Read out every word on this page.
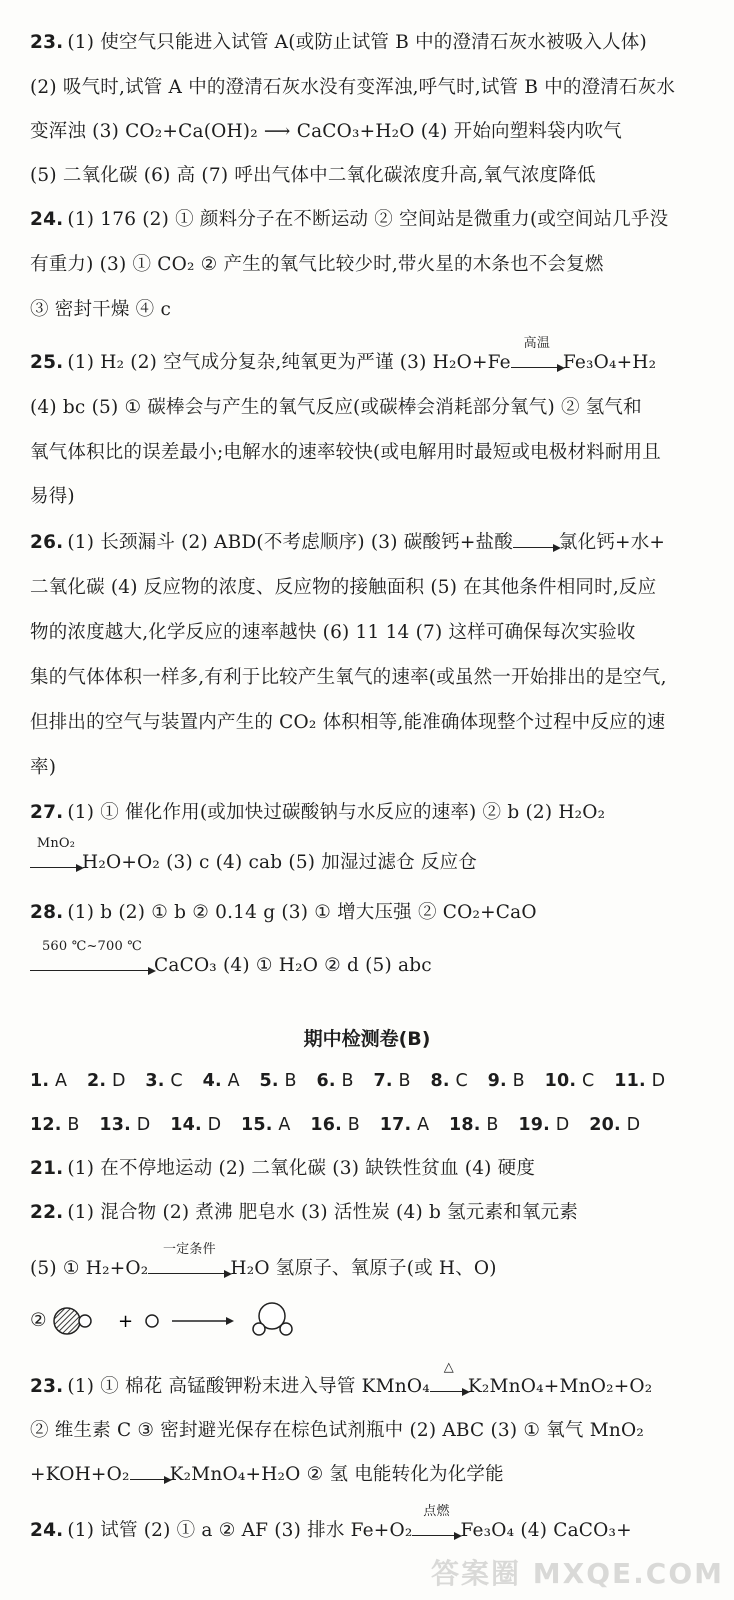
23. (1) 使空气只能进入试管 A(或防止试管 B 中的澄清石灰水被吸入人体)
(2) 吸气时,试管 A 中的澄清石灰水没有变浑浊,呼气时,试管 B 中的澄清石灰水
变浑浊 (3) CO₂+Ca(OH)₂ ⟶ CaCO₃+H₂O (4) 开始向塑料袋内吹气
(5) 二氧化碳 (6) 高 (7) 呼出气体中二氧化碳浓度升高,氧气浓度降低
24. (1) 176 (2) ① 颜料分子在不断运动 ② 空间站是微重力(或空间站几乎没
有重力) (3) ① CO₂ ② 产生的氧气比较少时,带火星的木条也不会复燃
③ 密封干燥 ④ c
25. (1) H₂ (2) 空气成分复杂,纯氧更为严谨 (3) H₂O+Fe
高温
Fe₃O₄+H₂
(4) bc (5) ① 碳棒会与产生的氧气反应(或碳棒会消耗部分氧气) ② 氢气和
氧气体积比的误差最小;电解水的速率较快(或电解用时最短或电极材料耐用且
易得)
26. (1) 长颈漏斗 (2) ABD(不考虑顺序) (3) 碳酸钙+盐酸 氯化钙+水+
二氧化碳 (4) 反应物的浓度、反应物的接触面积 (5) 在其他条件相同时,反应
物的浓度越大,化学反应的速率越快 (6) 11 14 (7) 这样可确保每次实验收
集的气体体积一样多,有利于比较产生氧气的速率(或虽然一开始排出的是空气,
但排出的空气与装置内产生的 CO₂ 体积相等,能准确体现整个过程中反应的速
率)
27. (1) ① 催化作用(或加快过碳酸钠与水反应的速率) ② b (2) H₂O₂
MnO₂
H₂O+O₂ (3) c (4) cab (5) 加湿过滤仓 反应仓
28. (1) b (2) ① b ② 0.14 g (3) ① 增大压强 ② CO₂+CaO
560 ℃~700 ℃
CaCO₃ (4) ① H₂O ② d (5) abc
期中检测卷(B)
1. A 2. D 3. C 4. A 5. B 6. B 7. B 8. C 9. B 10. C 11. D
12. B 13. D 14. D 15. A 16. B 17. A 18. B 19. D 20. D
21. (1) 在不停地运动 (2) 二氧化碳 (3) 缺铁性贫血 (4) 硬度
22. (1) 混合物 (2) 煮沸 肥皂水 (3) 活性炭 (4) b 氢元素和氧元素
(5) ① H₂+O₂
一定条件
H₂O 氢原子、氧原子(或 H、O)
②	+
23. (1) ① 棉花 高锰酸钾粉末进入导管 KMnO₄
△
K₂MnO₄+MnO₂+O₂
② 维生素 C ③ 密封避光保存在棕色试剂瓶中 (2) ABC (3) ① 氧气 MnO₂
+KOH+O₂ K₂MnO₄+H₂O ② 氢 电能转化为化学能
24. (1) 试管 (2) ① a ② AF (3) 排水 Fe+O₂
点燃
Fe₃O₄ (4) CaCO₃+
答案圈 MXQE.COM
